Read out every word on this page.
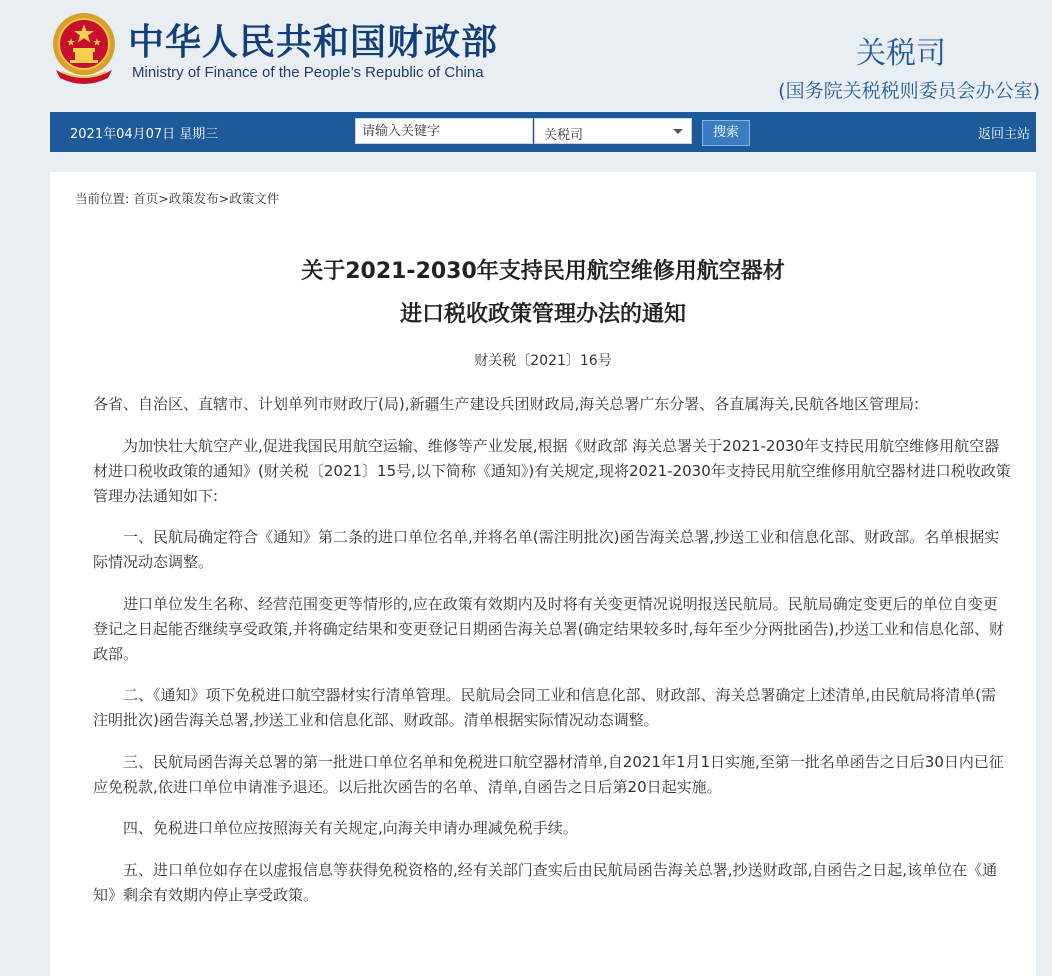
中华人民共和国财政部
Ministry of Finance of the People’s Republic of China
关税司
(国务院关税税则委员会办公室)
2021年04月07日 星期三
请输入关键字	关税司	搜索	返回主站
当前位置: 首页>政策发布>政策文件
关于2021-2030年支持民用航空维修用航空器材
进口税收政策管理办法的通知
财关税〔2021〕16号

各省、自治区、直辖市、计划单列市财政厅(局),新疆生产建设兵团财政局,海关总署广东分署、各直属海关,民航各地区管理局:

为加快壮大航空产业,促进我国民用航空运输、维修等产业发展,根据《财政部 海关总署关于2021-2030年支持民用航空维修用航空器材进口税收政策的通知》(财关税〔2021〕15号,以下简称《通知》)有关规定,现将2021-2030年支持民用航空维修用航空器材进口税收政策管理办法通知如下:

一、民航局确定符合《通知》第二条的进口单位名单,并将名单(需注明批次)函告海关总署,抄送工业和信息化部、财政部。名单根据实际情况动态调整。

进口单位发生名称、经营范围变更等情形的,应在政策有效期内及时将有关变更情况说明报送民航局。民航局确定变更后的单位自变更登记之日起能否继续享受政策,并将确定结果和变更登记日期函告海关总署(确定结果较多时,每年至少分两批函告),抄送工业和信息化部、财政部。

二、《通知》项下免税进口航空器材实行清单管理。民航局会同工业和信息化部、财政部、海关总署确定上述清单,由民航局将清单(需注明批次)函告海关总署,抄送工业和信息化部、财政部。清单根据实际情况动态调整。

三、民航局函告海关总署的第一批进口单位名单和免税进口航空器材清单,自2021年1月1日实施,至第一批名单函告之日后30日内已征应免税款,依进口单位申请准予退还。以后批次函告的名单、清单,自函告之日后第20日起实施。

四、免税进口单位应按照海关有关规定,向海关申请办理减免税手续。

五、进口单位如存在以虚报信息等获得免税资格的,经有关部门查实后由民航局函告海关总署,抄送财政部,自函告之日起,该单位在《通知》剩余有效期内停止享受政策。
